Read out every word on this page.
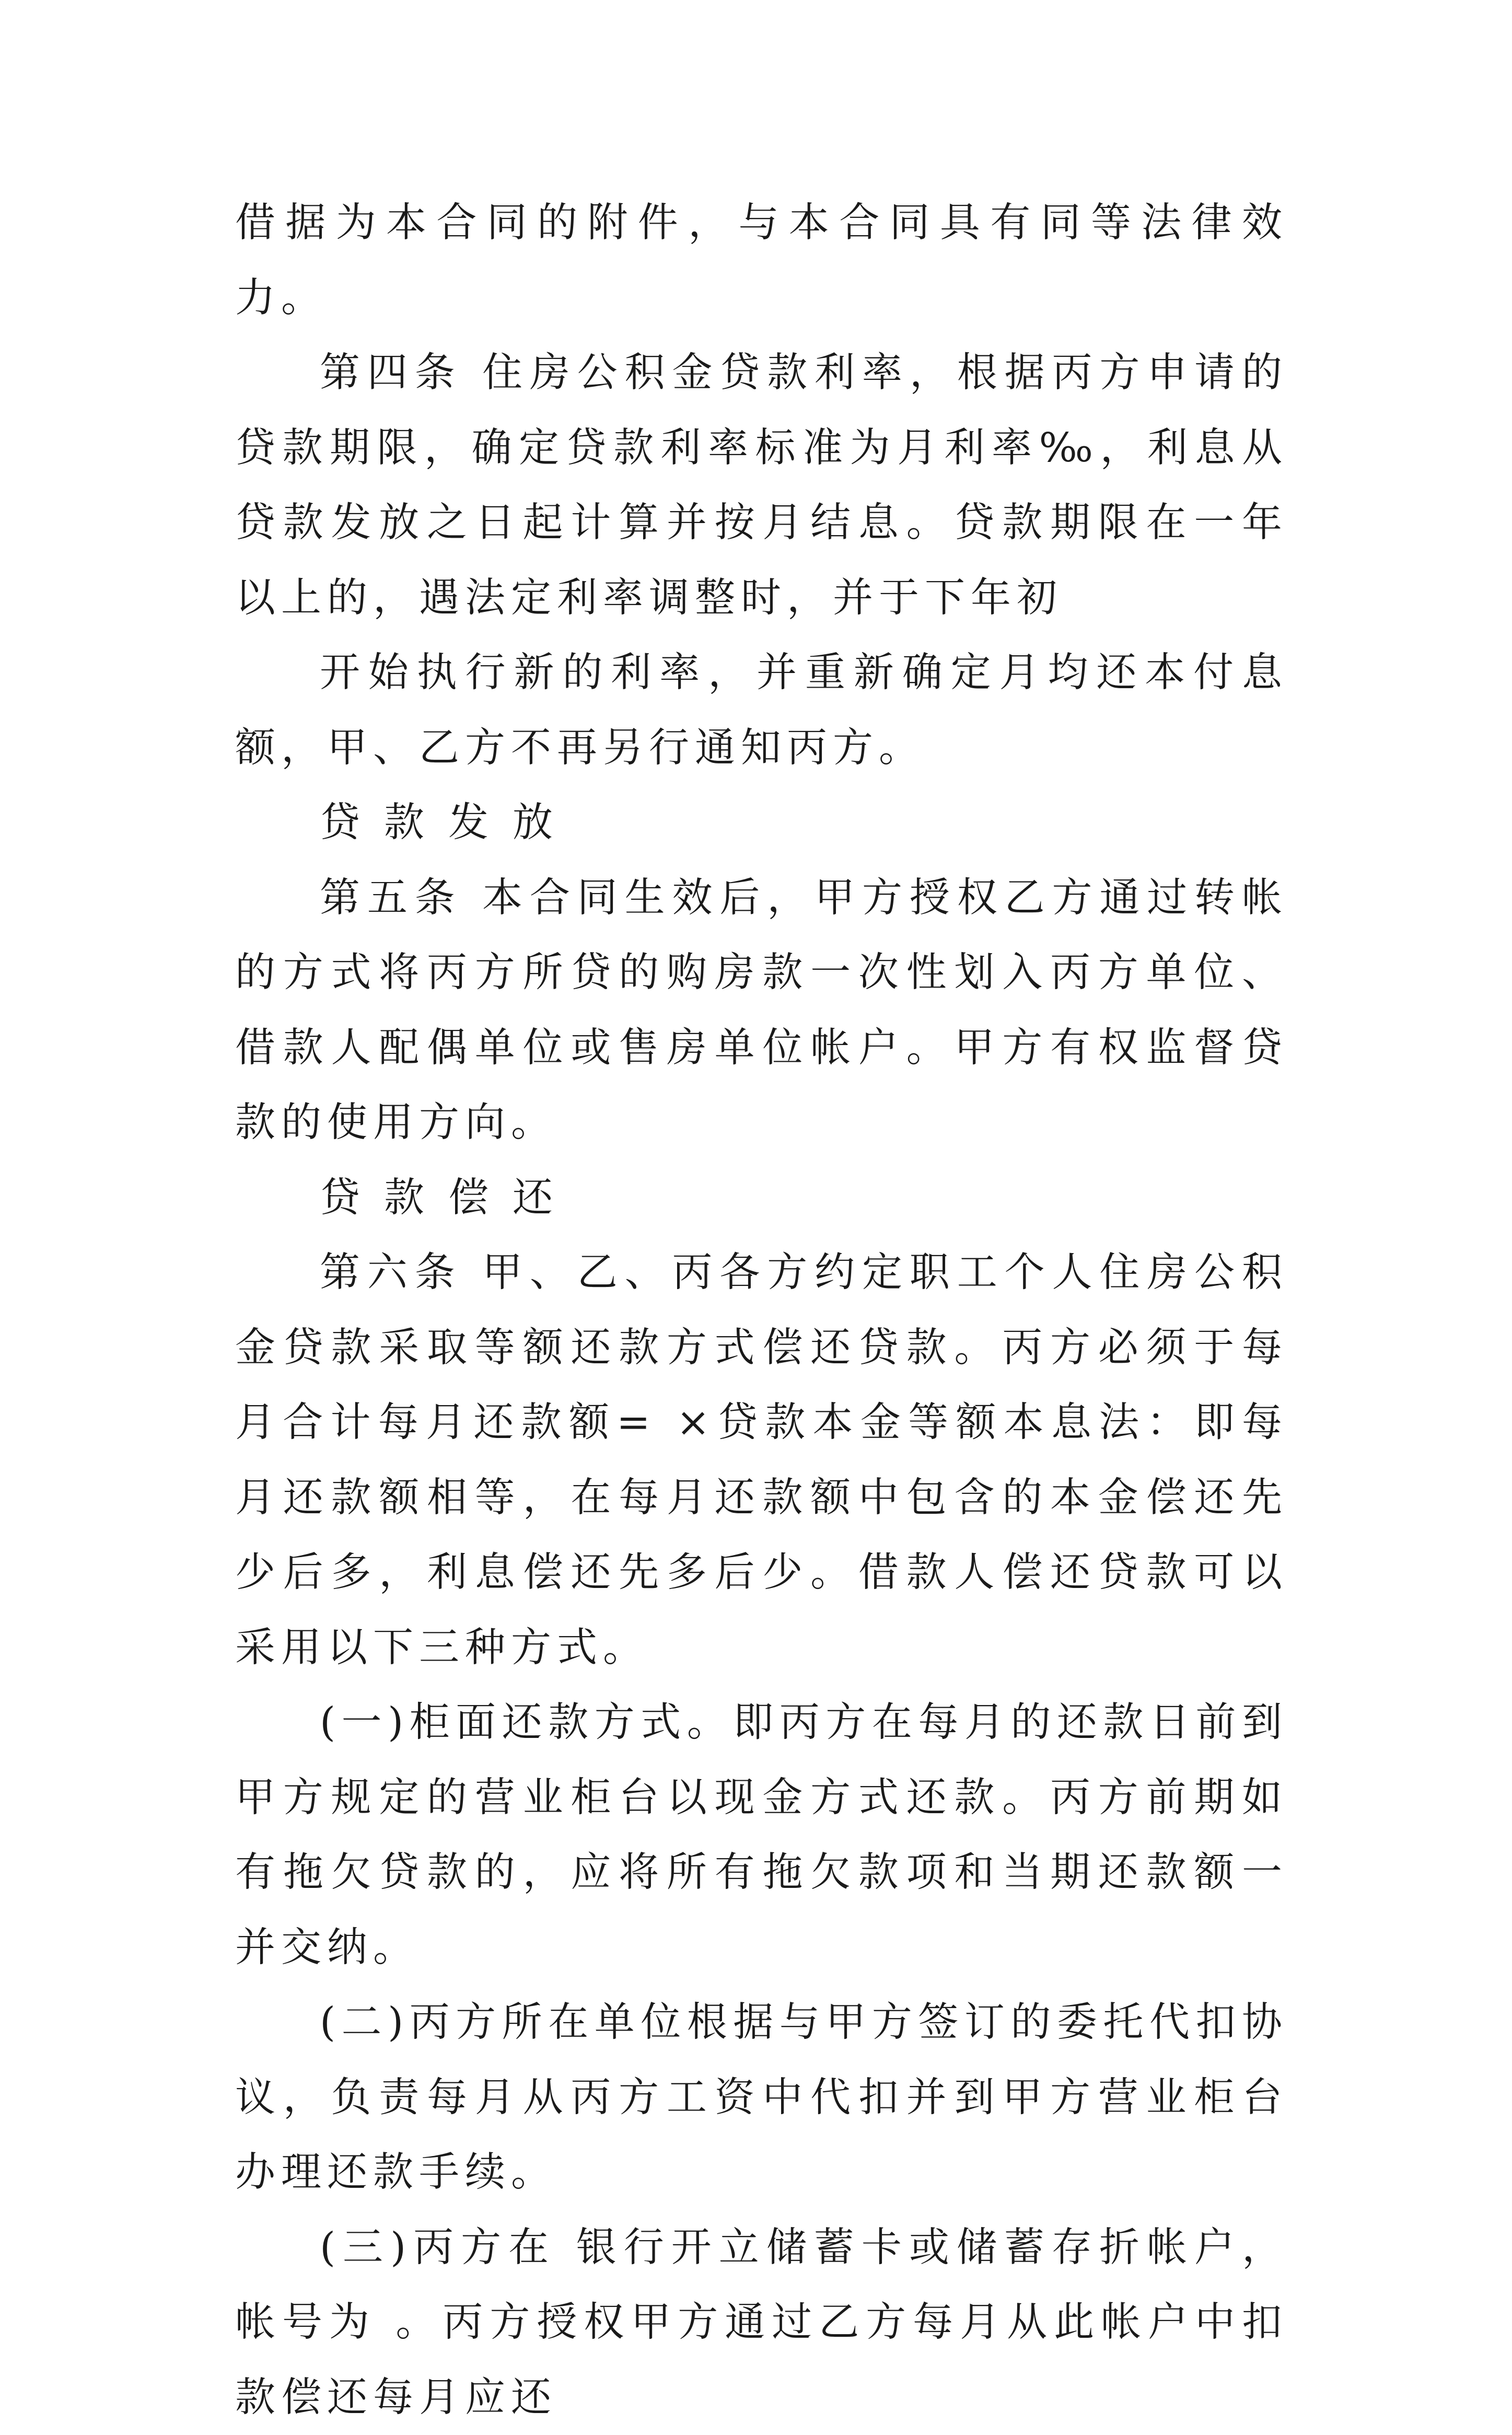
借据为本合同的附件，与本合同具有同等法律效力。

第四条 住房公积金贷款利率，根据丙方申请的贷款期限，确定贷款利率标准为月利率‰，利息从贷款发放之日起计算并按月结息。贷款期限在一年以上的，遇法定利率调整时，并于下年初

开始执行新的利率，并重新确定月均还本付息额，甲、乙方不再另行通知丙方。

贷款发放

第五条 本合同生效后，甲方授权乙方通过转帐的方式将丙方所贷的购房款一次性划入丙方单位、借款人配偶单位或售房单位帐户。甲方有权监督贷款的使用方向。

贷款偿还

第六条 甲、乙、丙各方约定职工个人住房公积金贷款采取等额还款方式偿还贷款。丙方必须于每月合计每月还款额= ×贷款本金等额本息法：即每月还款额相等，在每月还款额中包含的本金偿还先少后多，利息偿还先多后少。借款人偿还贷款可以采用以下三种方式。

(一)柜面还款方式。即丙方在每月的还款日前到甲方规定的营业柜台以现金方式还款。丙方前期如有拖欠贷款的，应将所有拖欠款项和当期还款额一并交纳。

(二)丙方所在单位根据与甲方签订的委托代扣协议，负责每月从丙方工资中代扣并到甲方营业柜台办理还款手续。

(三)丙方在 银行开立储蓄卡或储蓄存折帐户，帐号为 。丙方授权甲方通过乙方每月从此帐户中扣款偿还每月应还
